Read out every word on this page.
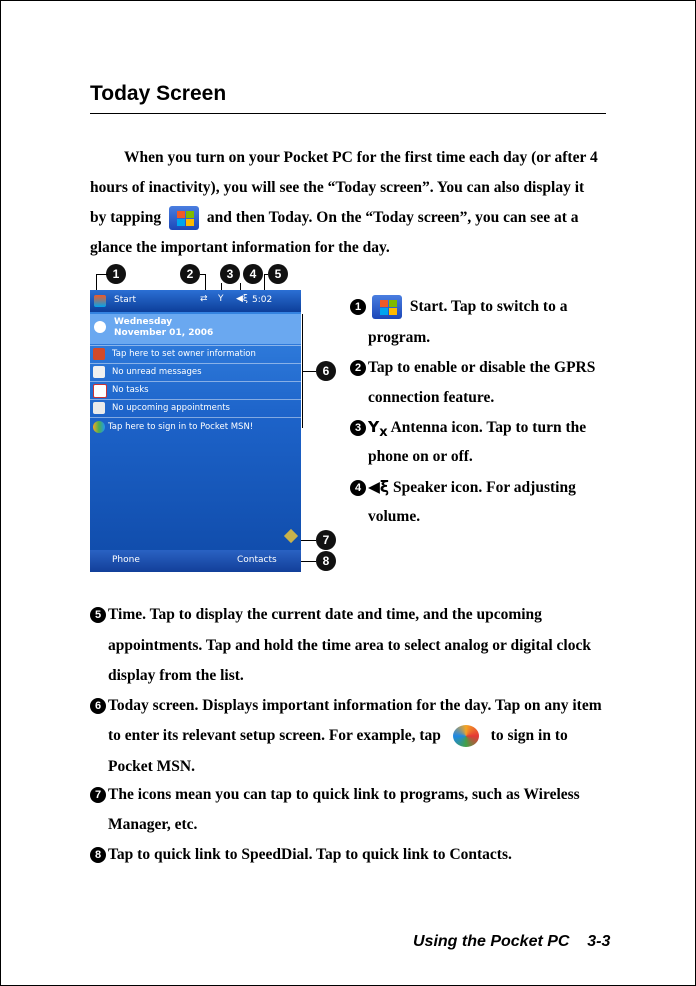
Today Screen
When you turn on your Pocket PC for the first time each day (or after 4
hours of inactivity), you will see the “Today screen”. You can also display it
by tapping	and then Today. On the “Today screen”, you can see at a
glance the important information for the day.
1	2	3	4	5
6
7
8
Start	⇄ Y ◀ξ 5:02
Wednesday
November 01, 2006
Tap here to set owner information
No unread messages
No tasks
No upcoming appointments
Tap here to sign in to Pocket MSN!
Phone	Contacts
1	Start. Tap to switch to a
program.
2 Tap to enable or disable the GPRS
connection feature.
3 $Y_x$ Antenna icon. Tap to turn the
phone on or off.
4 ◀ξ Speaker icon. For adjusting
volume.
5 Time. Tap to display the current date and time, and the upcoming
appointments. Tap and hold the time area to select analog or digital clock
display from the list.
6 Today screen. Displays important information for the day. Tap on any item
to enter its relevant setup screen. For example, tap	to sign in to
Pocket MSN.
7 The icons mean you can tap to quick link to programs, such as Wireless
Manager, etc.
8 Tap to quick link to SpeedDial. Tap to quick link to Contacts.
Using the Pocket PC    3-3
